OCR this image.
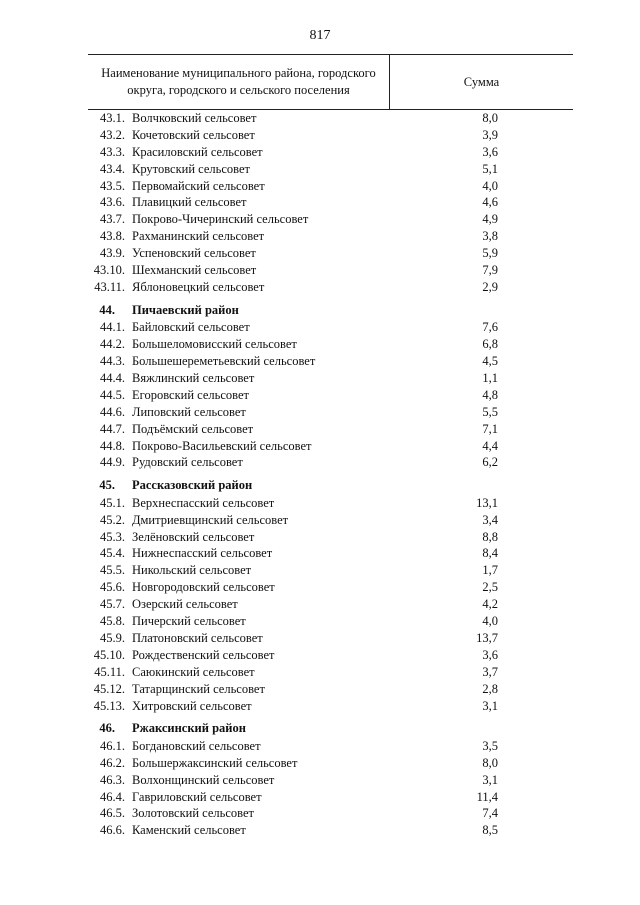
817
Наименование муниципального района, городского округа, городского и сельского поселения
Сумма
43.1. Волчковский сельсовет	8,0
43.2. Кочетовский сельсовет	3,9
43.3. Красиловский сельсовет	3,6
43.4. Крутовский сельсовет	5,1
43.5. Первомайский сельсовет	4,0
43.6. Плавицкий сельсовет	4,6
43.7. Покрово-Чичеринский сельсовет	4,9
43.8. Рахманинский сельсовет	3,8
43.9. Успеновский сельсовет	5,9
43.10. Шехманский сельсовет	7,9
43.11. Яблоновецкий сельсовет	2,9
44. Пичаевский район
44.1. Байловский сельсовет	7,6
44.2. Большеломовисский сельсовет	6,8
44.3. Большешереметьевский сельсовет	4,5
44.4. Вяжлинский сельсовет	1,1
44.5. Егоровский сельсовет	4,8
44.6. Липовский сельсовет	5,5
44.7. Подъёмский сельсовет	7,1
44.8. Покрово-Васильевский сельсовет	4,4
44.9. Рудовский сельсовет	6,2
45. Рассказовский район
45.1. Верхнеспасский сельсовет	13,1
45.2. Дмитриевщинский сельсовет	3,4
45.3. Зелёновский сельсовет	8,8
45.4. Нижнеспасский сельсовет	8,4
45.5. Никольский сельсовет	1,7
45.6. Новгородовский сельсовет	2,5
45.7. Озерский сельсовет	4,2
45.8. Пичерский сельсовет	4,0
45.9. Платоновский сельсовет	13,7
45.10. Рождественский сельсовет	3,6
45.11. Саюкинский сельсовет	3,7
45.12. Татарщинский сельсовет	2,8
45.13. Хитровский сельсовет	3,1
46. Ржаксинский район
46.1. Богдановский сельсовет	3,5
46.2. Большержаксинский сельсовет	8,0
46.3. Волхонщинский сельсовет	3,1
46.4. Гавриловский сельсовет	11,4
46.5. Золотовский сельсовет	7,4
46.6. Каменский сельсовет	8,5
